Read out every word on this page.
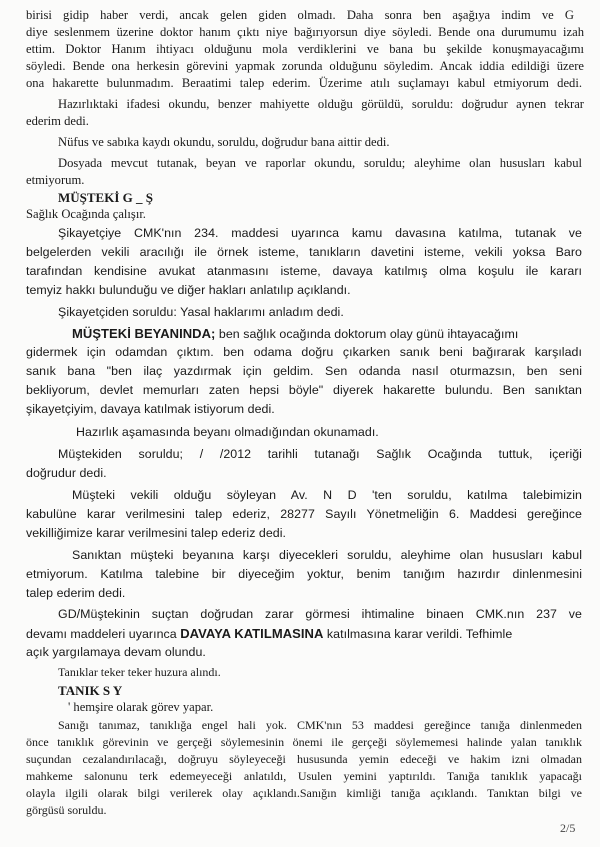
birisi gidip haber verdi, ancak gelen giden olmadı. Daha sonra ben aşağıya indim ve G
diye seslenmem üzerine doktor hanım çıktı niye bağırıyorsun diye söyledi. Bende ona durumumu izah
ettim. Doktor Hanım ihtiyacı olduğunu mola verdiklerini ve bana bu şekilde konuşmayacağımı
söyledi. Bende ona herkesin görevini yapmak zorunda olduğunu söyledim. Ancak iddia edildiği üzere
ona hakarette bulunmadım. Beraatimi talep ederim. Üzerime atılı suçlamayı kabul etmiyorum dedi.
Hazırlıktaki ifadesi okundu, benzer mahiyette olduğu görüldü, soruldu: doğrudur aynen tekrar
ederim dedi.
Nüfus ve sabıka kaydı okundu, soruldu, doğrudur bana aittir dedi.
Dosyada mevcut tutanak, beyan ve raporlar okundu, soruldu; aleyhime olan hususları kabul
etmiyorum.
MÜŞTEKİ G _ Ş
Sağlık Ocağında çalışır.
Şikayetçiye CMK'nın 234. maddesi uyarınca kamu davasına katılma, tutanak ve
belgelerden vekili aracılığı ile örnek isteme, tanıkların davetini isteme, vekili yoksa Baro
tarafından kendisine avukat atanmasını isteme, davaya katılmış olma koşulu ile kararı
temyiz hakkı bulunduğu ve diğer hakları anlatılıp açıklandı.
Şikayetçiden soruldu: Yasal haklarımı anladım dedi.
MÜŞTEKİ BEYANINDA; ben sağlık ocağında doktorum olay günü ihtayacağımı
gidermek için odamdan çıktım. ben odama doğru çıkarken sanık beni bağırarak karşıladı
sanık bana "ben ilaç yazdırmak için geldim. Sen odanda nasıl oturmazsın, ben seni
bekliyorum, devlet memurları zaten hepsi böyle" diyerek hakarette bulundu. Ben sanıktan
şikayetçiyim, davaya katılmak istiyorum dedi.
Hazırlık aşamasında beyanı olmadığından okunamadı.
Müştekiden soruldu; / /2012 tarihli tutanağı Sağlık Ocağında tuttuk, içeriği
doğrudur dedi.
Müşteki vekili olduğu söyleyan Av. N D 'ten soruldu, katılma talebimizin
kabulüne karar verilmesini talep ederiz, 28277 Sayılı Yönetmeliğin 6. Maddesi gereğince
vekilliğimize karar verilmesini talep ederiz dedi.
Sanıktan müşteki beyanına karşı diyecekleri soruldu, aleyhime olan hususları kabul
etmiyorum. Katılma talebine bir diyeceğim yoktur, benim tanığım hazırdır dinlenmesini
talep ederim dedi.
GD/Müştekinin suçtan doğrudan zarar görmesi ihtimaline binaen CMK.nın 237 ve
devamı maddeleri uyarınca DAVAYA KATILMASINA katılmasına karar verildi. Tefhimle
açık yargılamaya devam olundu.
Tanıklar teker teker huzura alındı.
TANIK S Y
' hemşire olarak görev yapar.
Sanığı tanımaz, tanıklığa engel hali yok. CMK'nın 53 maddesi gereğince tanığa dinlenmeden
önce tanıklık görevinin ve gerçeği söylemesinin önemi ile gerçeği söylememesi halinde yalan tanıklık
suçundan cezalandırılacağı, doğruyu söyleyeceği hususunda yemin edeceği ve hakim izni olmadan
mahkeme salonunu terk edemeyeceği anlatıldı, Usulen yemini yaptırıldı. Tanığa tanıklık yapacağı
olayla ilgili olarak bilgi verilerek olay açıklandı.Sanığın kimliği tanığa açıklandı. Tanıktan bilgi ve
görgüsü soruldu.
2/5
